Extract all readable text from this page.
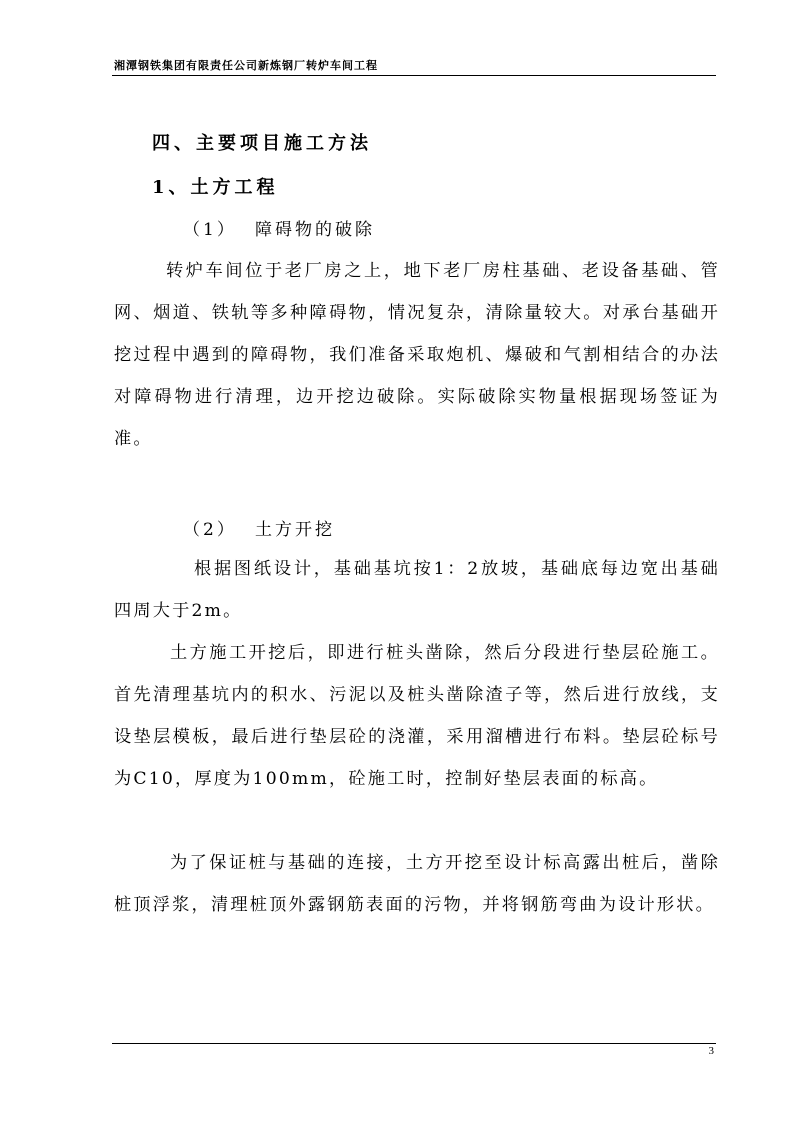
湘潭钢铁集团有限责任公司新炼钢厂转炉车间工程
四、主要项目施工方法
1、土方工程
（1） 障碍物的破除

转炉车间位于老厂房之上，地下老厂房柱基础、老设备基础、管网、烟道、铁轨等多种障碍物，情况复杂，清除量较大。对承台基础开挖过程中遇到的障碍物，我们准备采取炮机、爆破和气割相结合的办法对障碍物进行清理，边开挖边破除。实际破除实物量根据现场签证为准。

（2） 土方开挖

根据图纸设计，基础基坑按1：2放坡，基础底每边宽出基础四周大于2m。

土方施工开挖后，即进行桩头凿除，然后分段进行垫层砼施工。首先清理基坑内的积水、污泥以及桩头凿除渣子等，然后进行放线，支设垫层模板，最后进行垫层砼的浇灌，采用溜槽进行布料。垫层砼标号为C10，厚度为100mm，砼施工时，控制好垫层表面的标高。

为了保证桩与基础的连接，土方开挖至设计标高露出桩后，凿除桩顶浮浆，清理桩顶外露钢筋表面的污物，并将钢筋弯曲为设计形状。

3
